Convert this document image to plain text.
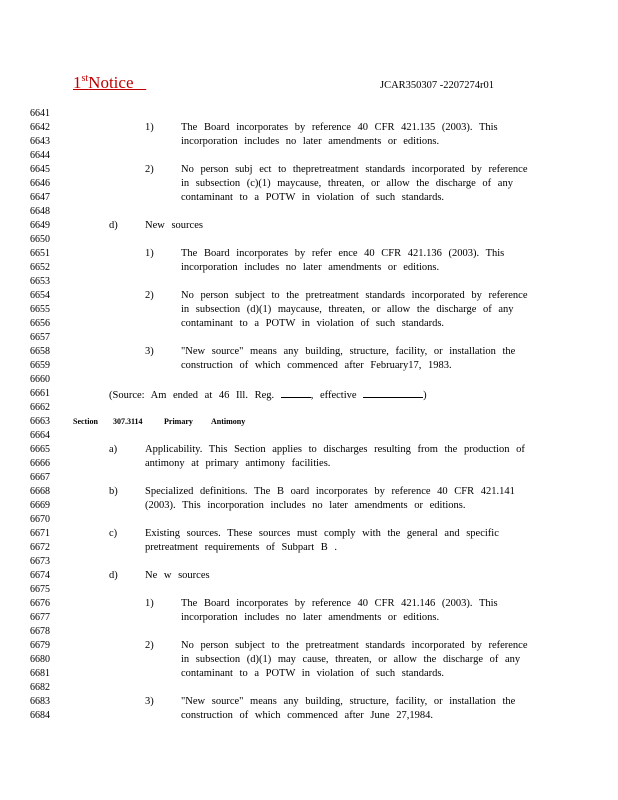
1stNotice	JCAR350307 -2207274r01
6641
6642
6643
6644
6645
6646
6647
6648
6649
6650
6651
6652
6653
6654
6655
6656
6657
6658
6659
6660
6661
6662
6663
6664
6665
6666
6667
6668
6669
6670
6671
6672
6673
6674
6675
6676
6677
6678
6679
6680
6681
6682
6683
6684
1)	The Board incorporates by reference 40 CFR 421.135 (2003). This
incorporation includes no later amendments or editions.
2)	No person subj ect to thepretreatment standards incorporated by reference
in subsection (c)(1) maycause, threaten, or allow the discharge of any
contaminant to a POTW in violation of such standards.
d)	New sources
1)	The Board incorporates by refer ence 40 CFR 421.136 (2003). This
incorporation includes no later amendments or editions.
2)	No person subject to the pretreatment standards incorporated by reference
in subsection (d)(1) maycause, threaten, or allow the discharge of any
contaminant to a POTW in violation of such standards.
3)	"New source" means any building, structure, facility, or installation the
construction of which commenced after February17, 1983.
(Source: Am ended at 46 Ill. Reg.	, effective	)
Section 307.3114	Primary Antimony
a)	Applicability. This Section applies to discharges resulting from the production of
antimony at primary antimony facilities.
b)	Specialized definitions. The B oard incorporates by reference 40 CFR 421.141
(2003). This incorporation includes no later amendments or editions.
c)	Existing sources. These sources must comply with the general and specific
pretreatment requirements of Subpart B .
d)	Ne w sources
1)	The Board incorporates by reference 40 CFR 421.146 (2003). This
incorporation includes no later amendments or editions.
2)	No person subject to the pretreatment standards incorporated by reference
in subsection (d)(1) may cause, threaten, or allow the discharge of any
contaminant to a POTW in violation of such standards.
3)	"New source" means any building, structure, facility, or installation the
construction of which commenced after June 27,1984.
